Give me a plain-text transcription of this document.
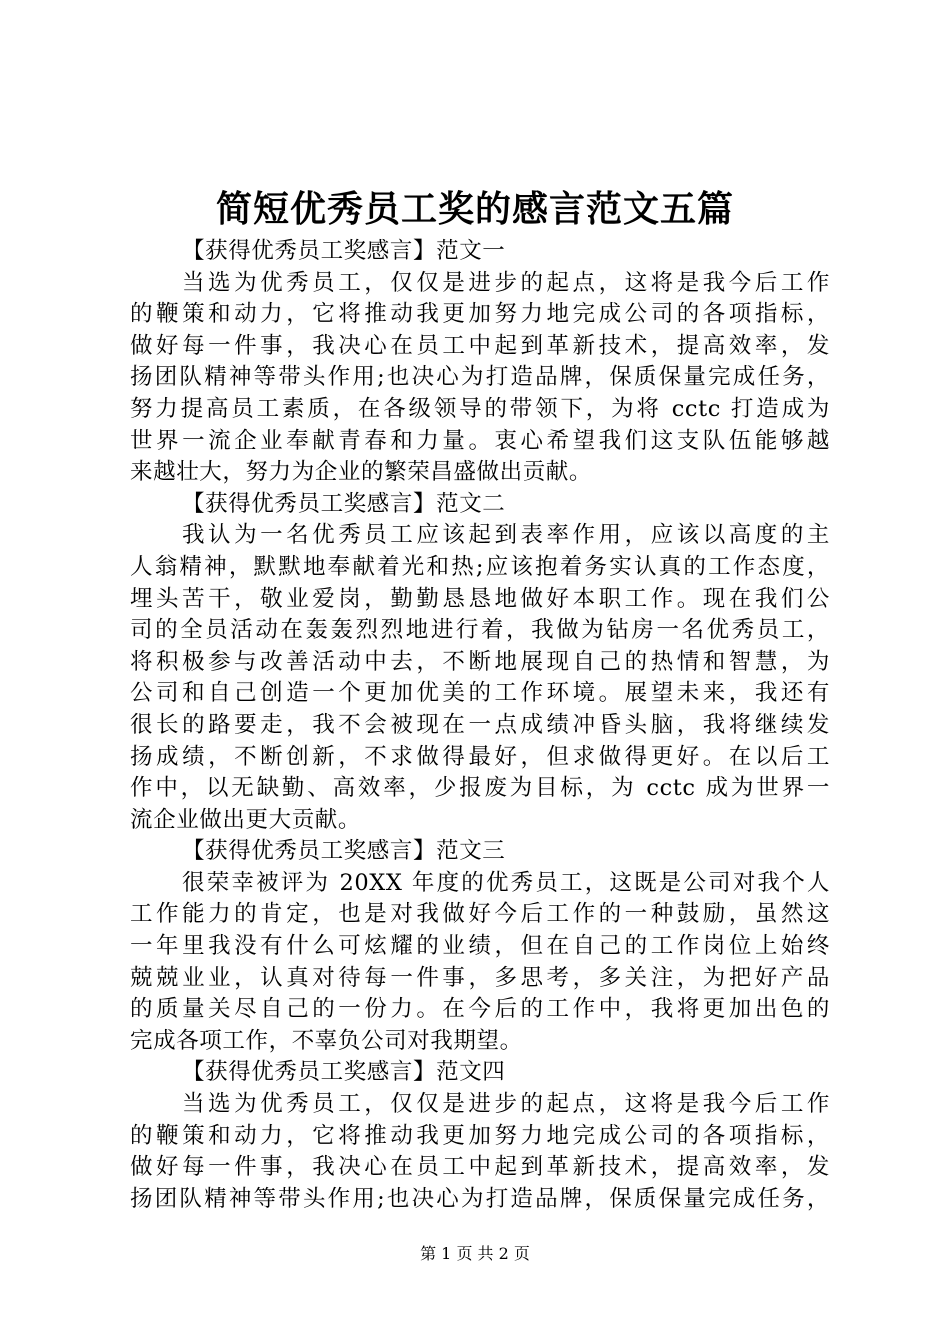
简短优秀员工奖的感言范文五篇
【获得优秀员工奖感言】范文一
当选为优秀员工，仅仅是进步的起点，这将是我今后工作
的鞭策和动力，它将推动我更加努力地完成公司的各项指标，
做好每一件事，我决心在员工中起到革新技术，提高效率，发
扬团队精神等带头作用;也决心为打造品牌，保质保量完成任务，
努力提高员工素质，在各级领导的带领下，为将 cctc 打造成为
世界一流企业奉献青春和力量。衷心希望我们这支队伍能够越
来越壮大，努力为企业的繁荣昌盛做出贡献。
【获得优秀员工奖感言】范文二
我认为一名优秀员工应该起到表率作用，应该以高度的主
人翁精神，默默地奉献着光和热;应该抱着务实认真的工作态度，
埋头苦干，敬业爱岗，勤勤恳恳地做好本职工作。现在我们公
司的全员活动在轰轰烈烈地进行着，我做为钻房一名优秀员工，
将积极参与改善活动中去，不断地展现自己的热情和智慧，为
公司和自己创造一个更加优美的工作环境。展望未来，我还有
很长的路要走，我不会被现在一点成绩冲昏头脑，我将继续发
扬成绩，不断创新，不求做得最好，但求做得更好。在以后工
作中，以无缺勤、高效率，少报废为目标，为 cctc 成为世界一
流企业做出更大贡献。
【获得优秀员工奖感言】范文三
很荣幸被评为 20XX 年度的优秀员工，这既是公司对我个人
工作能力的肯定，也是对我做好今后工作的一种鼓励，虽然这
一年里我没有什么可炫耀的业绩，但在自己的工作岗位上始终
兢兢业业，认真对待每一件事，多思考，多关注，为把好产品
的质量关尽自己的一份力。在今后的工作中，我将更加出色的
完成各项工作，不辜负公司对我期望。
【获得优秀员工奖感言】范文四
当选为优秀员工，仅仅是进步的起点，这将是我今后工作
的鞭策和动力，它将推动我更加努力地完成公司的各项指标，
做好每一件事，我决心在员工中起到革新技术，提高效率，发
扬团队精神等带头作用;也决心为打造品牌，保质保量完成任务，
第 1 页 共 2 页
